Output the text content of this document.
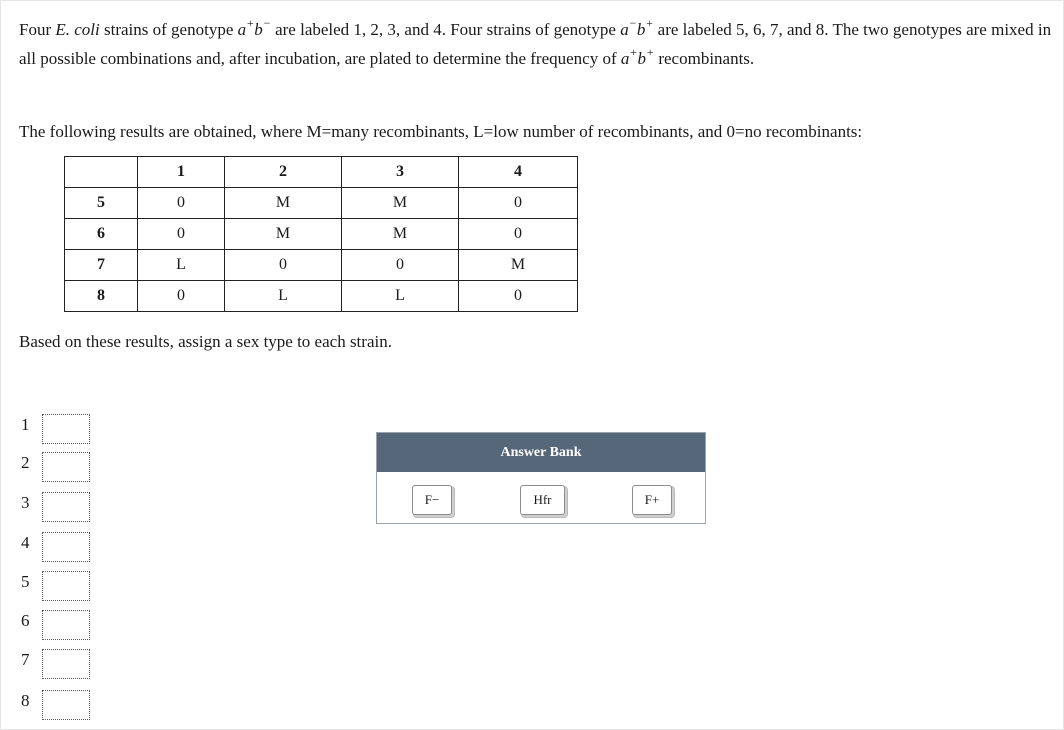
Four E. coli strains of genotype a+b− are labeled 1, 2, 3, and 4. Four strains of genotype a−b+ are labeled 5, 6, 7, and 8. The two genotypes are mixed in all possible combinations and, after incubation, are plated to determine the frequency of a+b+ recombinants.
The following results are obtained, where M=many recombinants, L=low number of recombinants, and 0=no recombinants:
	1	2	3	4
5	0	M	M	0
6	0	M	M	0
7	L	0	0	M
8	0	L	L	0
Based on these results, assign a sex type to each strain.
1
2
3
4
5
6
7
8
Answer Bank
F−	Hfr	F+
